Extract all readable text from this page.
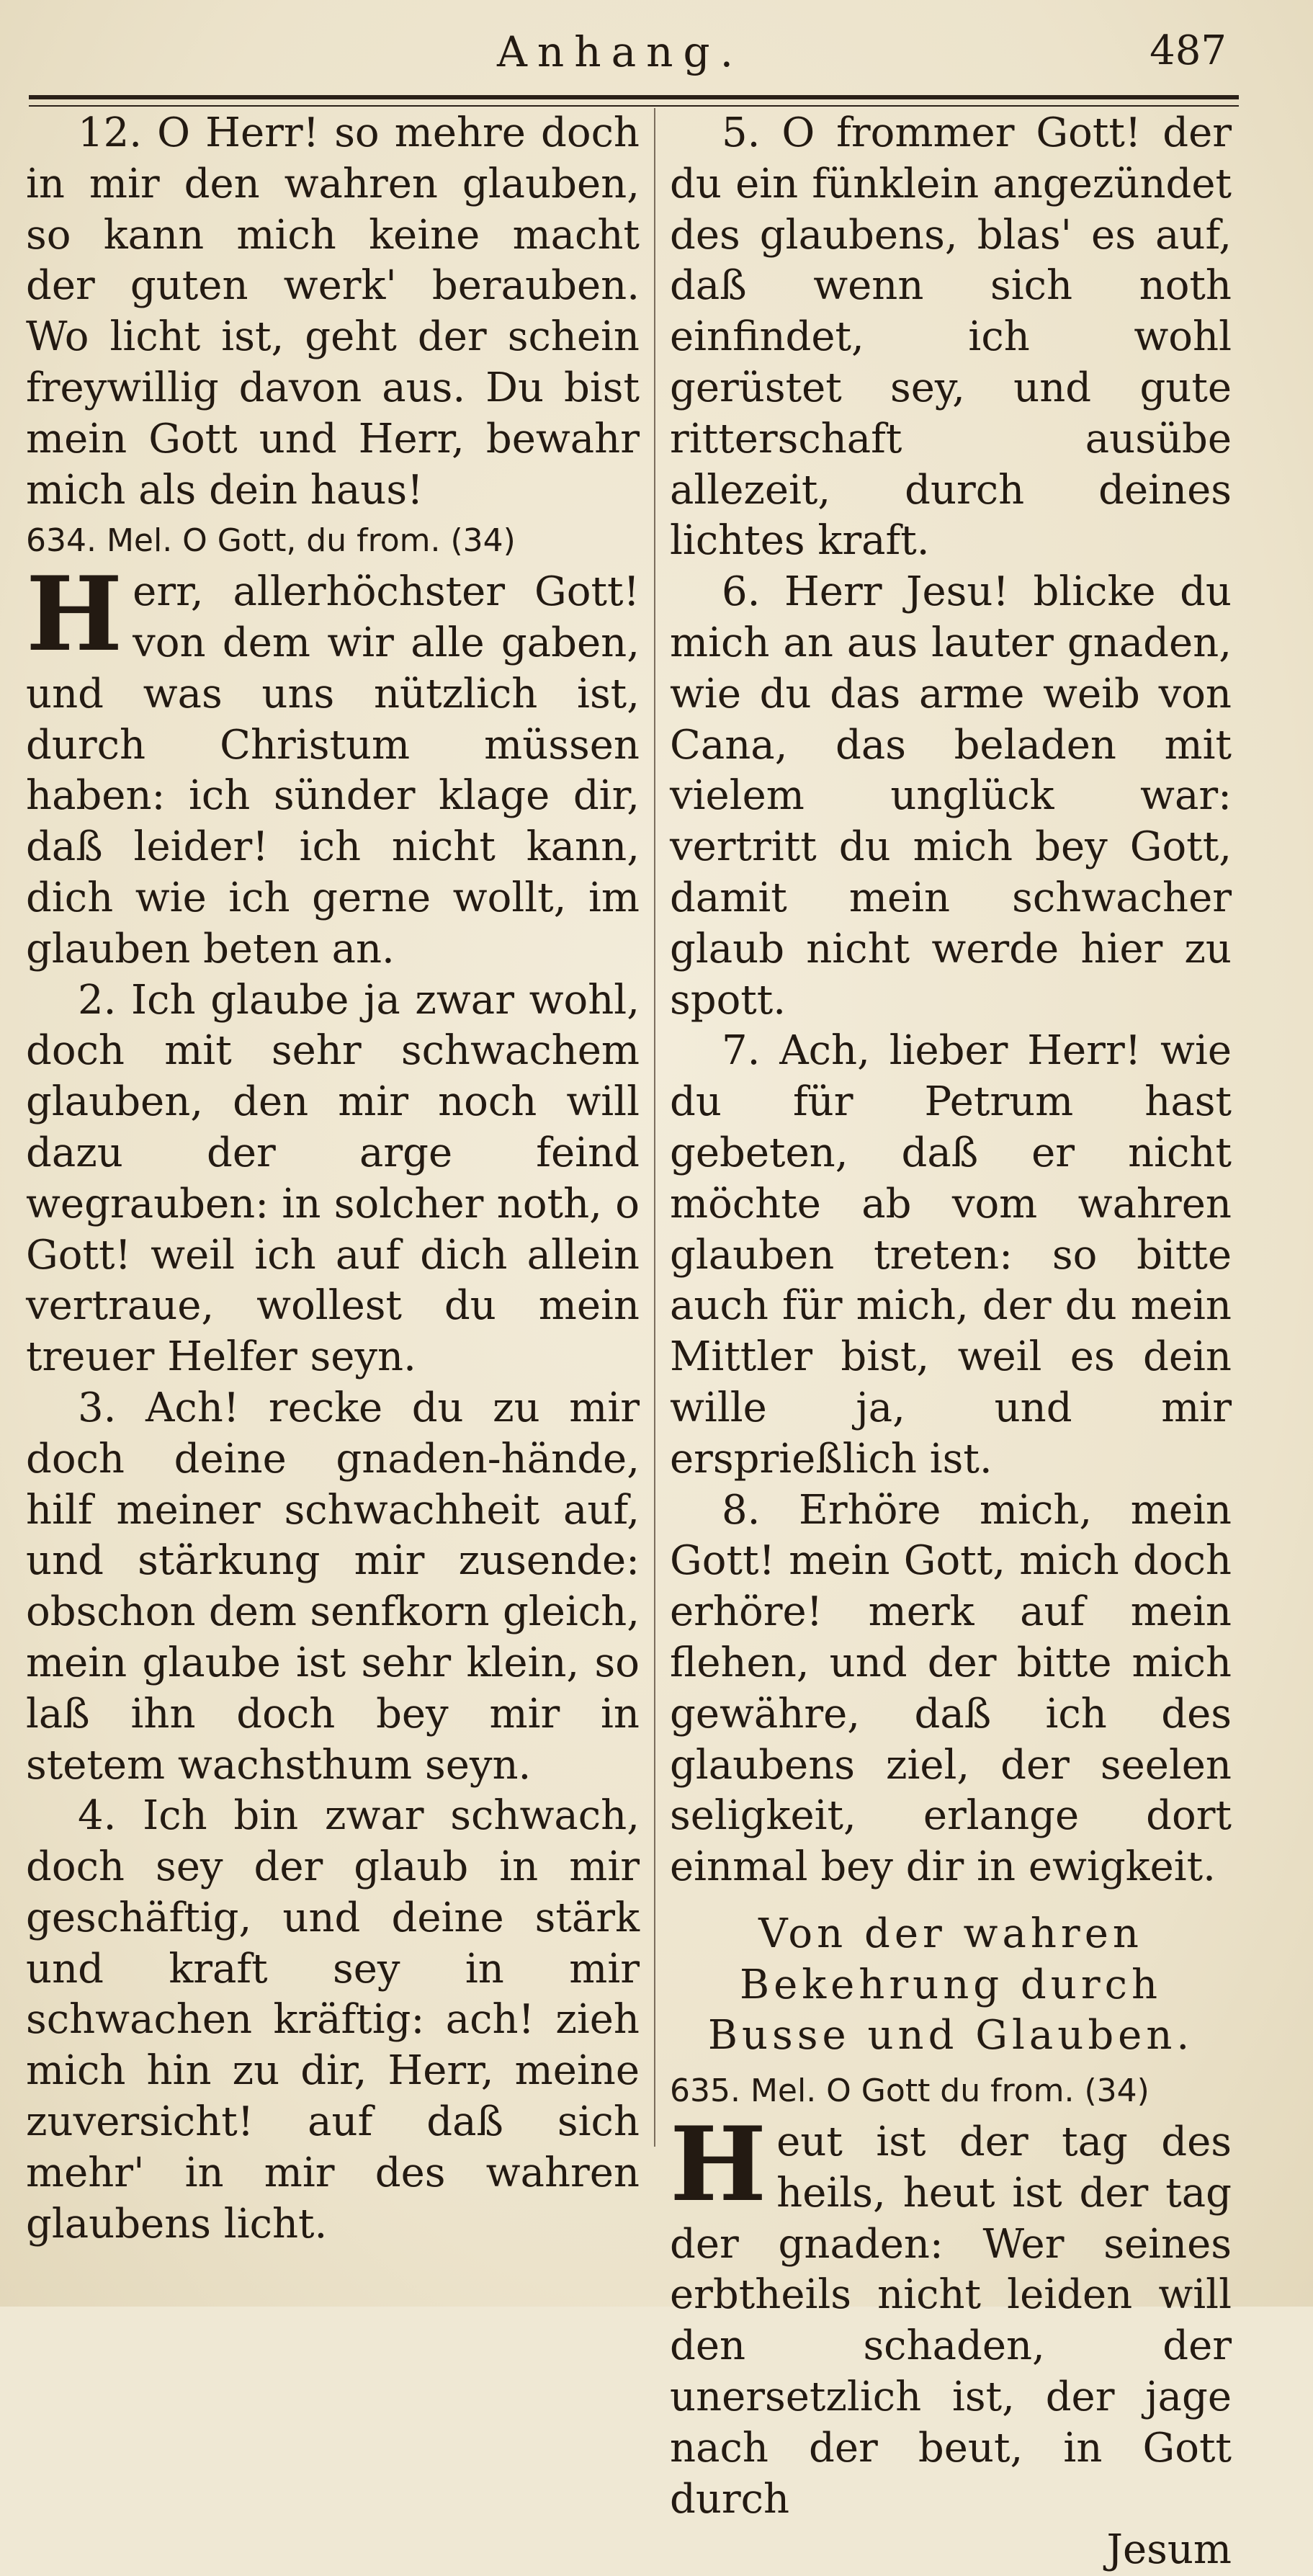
Anhang.	487

12. O Herr! so mehre doch in mir den wahren glauben, so kann mich keine macht der guten werk' berauben. Wo licht ist, geht der schein freywillig davon aus. Du bist mein Gott und Herr, bewahr mich als dein haus!

634. Mel. O Gott, du from. (34)

H err, allerhöchster Gott! von dem wir alle gaben, und was uns nützlich ist, durch Christum müssen haben: ich sünder klage dir, daß leider! ich nicht kann, dich wie ich gerne wollt, im glauben beten an.

2. Ich glaube ja zwar wohl, doch mit sehr schwachem glauben, den mir noch will dazu der arge feind wegrauben: in solcher noth, o Gott! weil ich auf dich allein vertraue, wollest du mein treuer Helfer seyn.

3. Ach! recke du zu mir doch deine gnaden-hände, hilf meiner schwachheit auf, und stärkung mir zusende: obschon dem senfkorn gleich, mein glaube ist sehr klein, so laß ihn doch bey mir in stetem wachsthum seyn.

4. Ich bin zwar schwach, doch sey der glaub in mir geschäftig, und deine stärk und kraft sey in mir schwachen kräftig: ach! zieh mich hin zu dir, Herr, meine zuversicht! auf daß sich mehr' in mir des wahren glaubens licht.

5. O frommer Gott! der du ein fünklein angezündet des glaubens, blas' es auf, daß wenn sich noth einfindet, ich wohl gerüstet sey, und gute ritterschaft ausübe allezeit, durch deines lichtes kraft.

6. Herr Jesu! blicke du mich an aus lauter gnaden, wie du das arme weib von Cana, das beladen mit vielem unglück war: vertritt du mich bey Gott, damit mein schwacher glaub nicht werde hier zu spott.

7. Ach, lieber Herr! wie du für Petrum hast gebeten, daß er nicht möchte ab vom wahren glauben treten: so bitte auch für mich, der du mein Mittler bist, weil es dein wille ja, und mir ersprießlich ist.

8. Erhöre mich, mein Gott! mein Gott, mich doch erhöre! merk auf mein flehen, und der bitte mich gewähre, daß ich des glaubens ziel, der seelen seligkeit, erlange dort einmal bey dir in ewigkeit.

Von der wahren Bekehrung durch Busse und Glauben.

635. Mel. O Gott du from. (34)

H eut ist der tag des heils, heut ist der tag der gnaden: Wer seines erbtheils nicht leiden will den schaden, der unersetzlich ist, der jage nach der beut, in Gott durch

Jesum
